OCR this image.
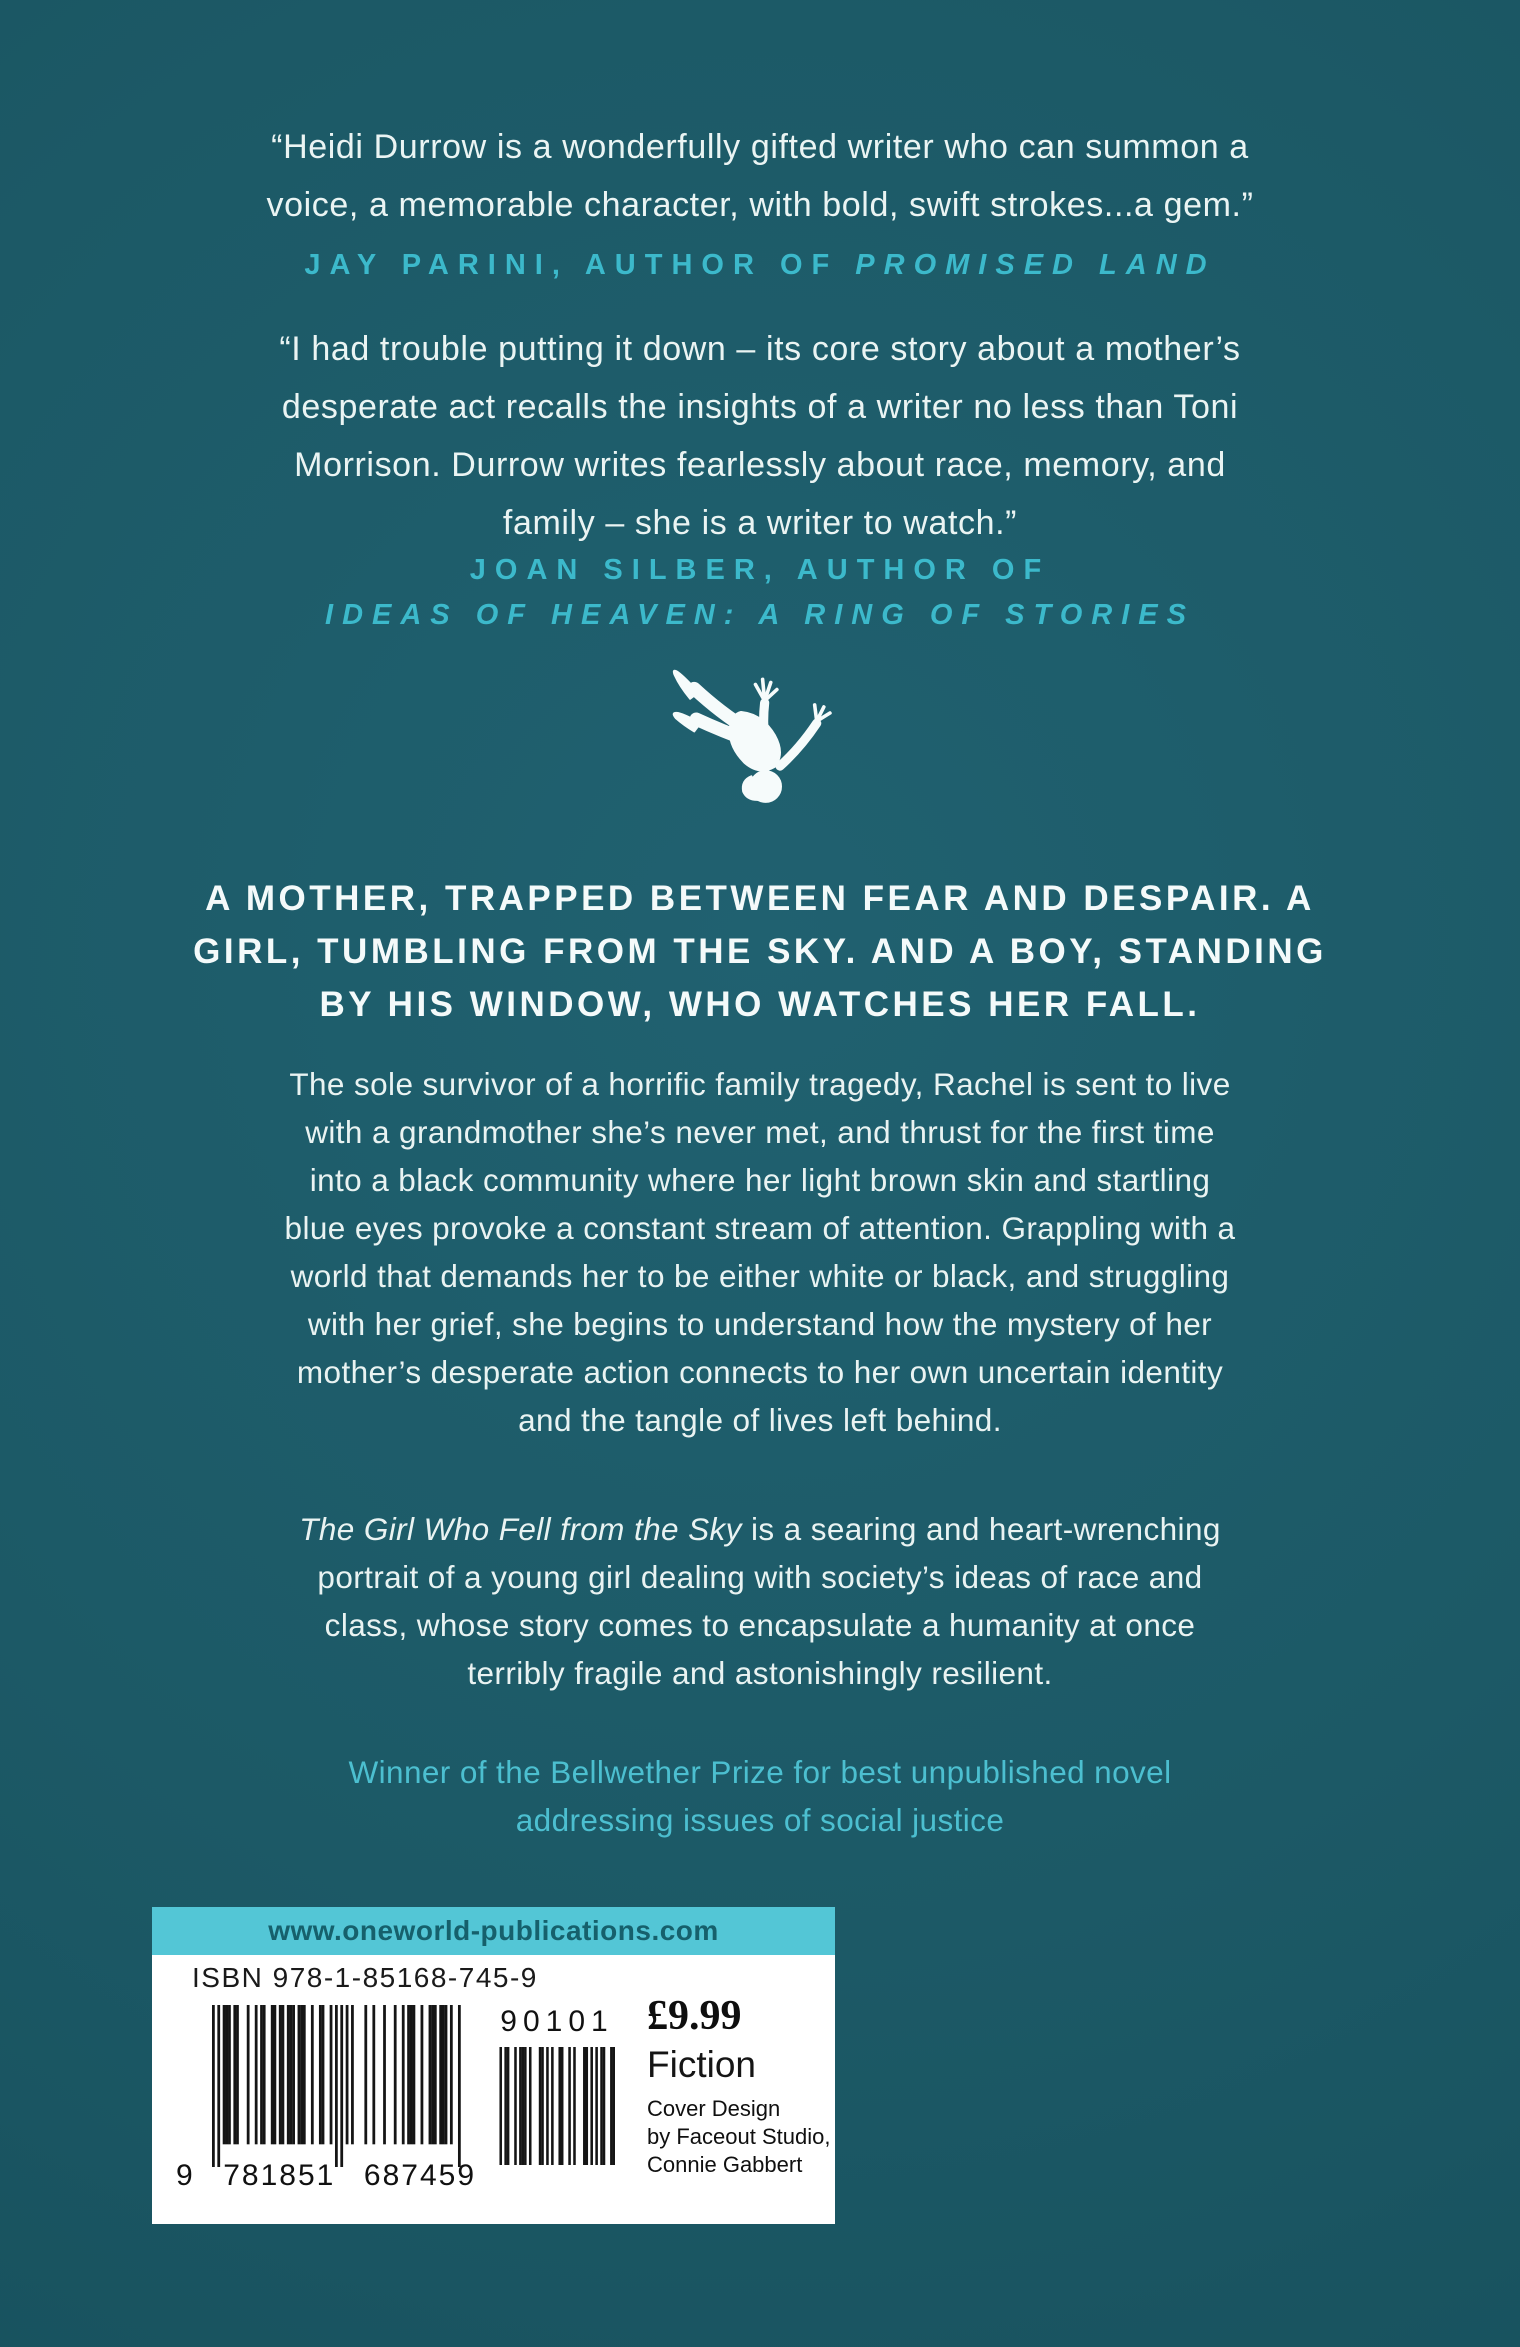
“Heidi Durrow is a wonderfully gifted writer who can summon a
voice, a memorable character, with bold, swift strokes...a gem.”
JAY PARINI, AUTHOR OF PROMISED LAND
“I had trouble putting it down – its core story about a mother’s
desperate act recalls the insights of a writer no less than Toni
Morrison. Durrow writes fearlessly about race, memory, and
family – she is a writer to watch.”
JOAN SILBER, AUTHOR OF
IDEAS OF HEAVEN: A RING OF STORIES
A MOTHER, TRAPPED BETWEEN FEAR AND DESPAIR. A
GIRL, TUMBLING FROM THE SKY. AND A BOY, STANDING
BY HIS WINDOW, WHO WATCHES HER FALL.
The sole survivor of a horrific family tragedy, Rachel is sent to live
with a grandmother she’s never met, and thrust for the first time
into a black community where her light brown skin and startling
blue eyes provoke a constant stream of attention. Grappling with a
world that demands her to be either white or black, and struggling
with her grief, she begins to understand how the mystery of her
mother’s desperate action connects to her own uncertain identity
and the tangle of lives left behind.
The Girl Who Fell from the Sky is a searing and heart-wrenching
portrait of a young girl dealing with society’s ideas of race and
class, whose story comes to encapsulate a humanity at once
terribly fragile and astonishingly resilient.
Winner of the Bellwether Prize for best unpublished novel
addressing issues of social justice
www.oneworld-publications.com
ISBN 978-1-85168-745-9
9 781851 687459
90101 £9.99
Fiction
Cover Design
by Faceout Studio,
Connie Gabbert
